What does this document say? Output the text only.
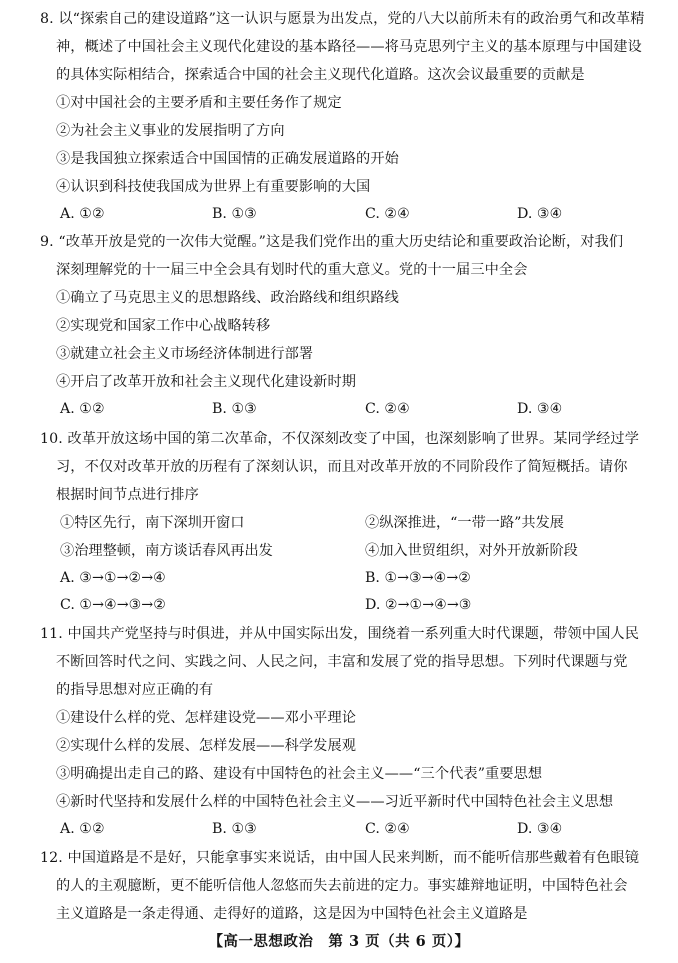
8. 以“探索自己的建设道路”这一认识与愿景为出发点，党的八大以前所未有的政治勇气和改革精
神，概述了中国社会主义现代化建设的基本路径——将马克思列宁主义的基本原理与中国建设
的具体实际相结合，探索适合中国的社会主义现代化道路。这次会议最重要的贡献是
①对中国社会的主要矛盾和主要任务作了规定
②为社会主义事业的发展指明了方向
③是我国独立探索适合中国国情的正确发展道路的开始
④认识到科技使我国成为世界上有重要影响的大国
A. ①②	B. ①③	C. ②④	D. ③④
9. “改革开放是党的一次伟大觉醒。”这是我们党作出的重大历史结论和重要政治论断，对我们
深刻理解党的十一届三中全会具有划时代的重大意义。党的十一届三中全会
①确立了马克思主义的思想路线、政治路线和组织路线
②实现党和国家工作中心战略转移
③就建立社会主义市场经济体制进行部署
④开启了改革开放和社会主义现代化建设新时期
A. ①②	B. ①③	C. ②④	D. ③④
10. 改革开放这场中国的第二次革命，不仅深刻改变了中国，也深刻影响了世界。某同学经过学
习，不仅对改革开放的历程有了深刻认识，而且对改革开放的不同阶段作了简短概括。请你
根据时间节点进行排序
①特区先行，南下深圳开窗口	②纵深推进，“一带一路”共发展
③治理整顿，南方谈话春风再出发	④加入世贸组织，对外开放新阶段
A. ③→①→②→④	B. ①→③→④→②
C. ①→④→③→②	D. ②→①→④→③
11. 中国共产党坚持与时俱进，并从中国实际出发，围绕着一系列重大时代课题，带领中国人民
不断回答时代之问、实践之问、人民之问，丰富和发展了党的指导思想。下列时代课题与党
的指导思想对应正确的有
①建设什么样的党、怎样建设党——邓小平理论
②实现什么样的发展、怎样发展——科学发展观
③明确提出走自己的路、建设有中国特色的社会主义——“三个代表”重要思想
④新时代坚持和发展什么样的中国特色社会主义——习近平新时代中国特色社会主义思想
A. ①②	B. ①③	C. ②④	D. ③④
12. 中国道路是不是好，只能拿事实来说话，由中国人民来判断，而不能听信那些戴着有色眼镜
的人的主观臆断，更不能听信他人忽悠而失去前进的定力。事实雄辩地证明，中国特色社会
主义道路是一条走得通、走得好的道路，这是因为中国特色社会主义道路是
【高一思想政治　第 3 页（共 6 页）】
